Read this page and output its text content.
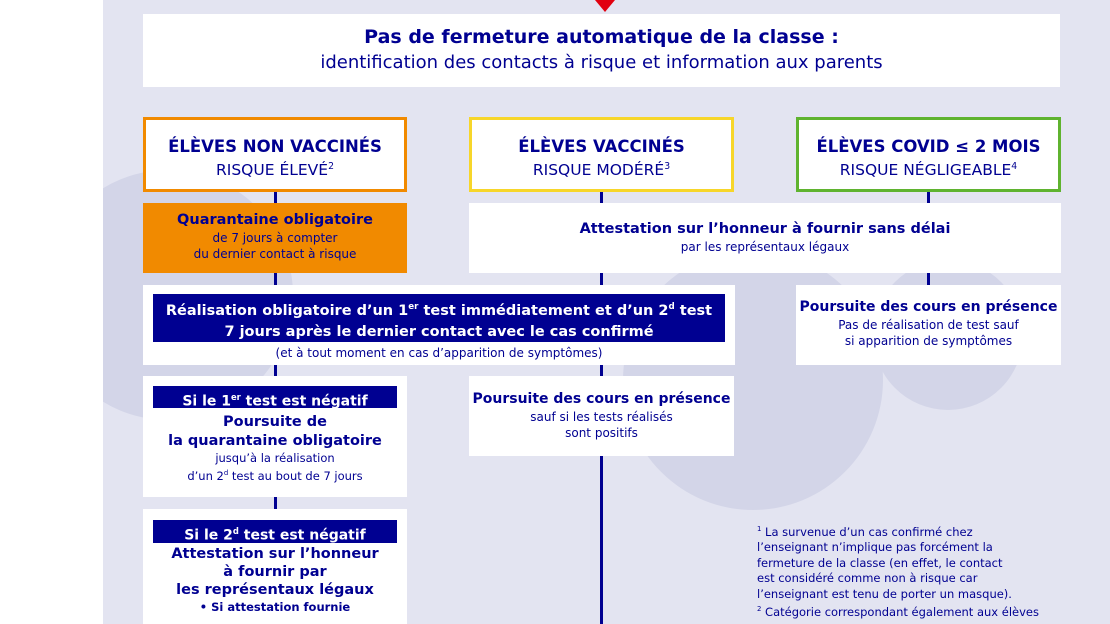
Pas de fermeture automatique de la classe :
identification des contacts à risque et information aux parents
ÉLÈVES NON VACCINÉS
RISQUE ÉLEVÉ$^2$
ÉLÈVES VACCINÉS
RISQUE MODÉRÉ$^3$
ÉLÈVES COVID ≤ 2 MOIS
RISQUE NÉGLIGEABLE$^4$
Quarantaine obligatoire
de 7 jours à compter
du dernier contact à risque
Attestation sur l’honneur à fournir sans délai
par les représentaux légaux
Réalisation obligatoire d’un 1er test immédiatement et d’un 2$^d$ test
7 jours après le dernier contact avec le cas confirmé
(et à tout moment en cas d’apparition de symptômes)
Poursuite des cours en présence
Pas de réalisation de test sauf
si apparition de symptômes
Si le 1er test est négatif
Poursuite de
la quarantaine obligatoire
jusqu’à la réalisation
d’un 2$^d$ test au bout de 7 jours
Poursuite des cours en présence
sauf si les tests réalisés
sont positifs
Si le 2$^d$ test est négatif
Attestation sur l’honneur
à fournir par
les représentaux légaux
• Si attestation fournie
$^1$ La survenue d’un cas confirmé chez
l’enseignant n’implique pas forcément la
fermeture de la classe (en effet, le contact
est considéré comme non à risque car
l’enseignant est tenu de porter un masque).
$^2$ Catégorie correspondant également aux élèves
